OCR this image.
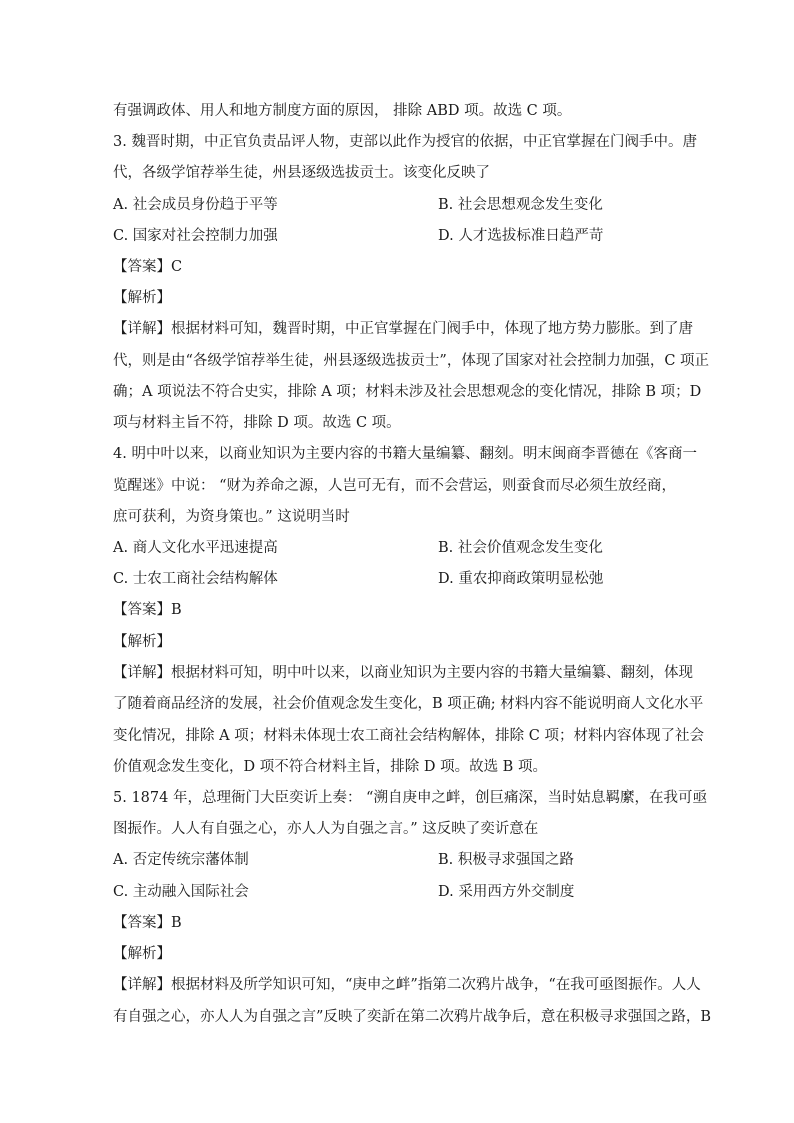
有强调政体、用人和地方制度方面的原因， 排除 ABD 项。故选 C 项。
3. 魏晋时期，中正官负责品评人物，吏部以此作为授官的依据，中正官掌握在门阀手中。唐
代，各级学馆荐举生徒，州县逐级选拔贡士。该变化反映了
A. 社会成员身份趋于平等	B. 社会思想观念发生变化
C. 国家对社会控制力加强	D. 人才选拔标准日趋严苛
【答案】C
【解析】
【详解】根据材料可知，魏晋时期，中正官掌握在门阀手中，体现了地方势力膨胀。到了唐
代，则是由“各级学馆荐举生徒，州县逐级选拔贡士”，体现了国家对社会控制力加强，C 项正
确；A 项说法不符合史实，排除 A 项；材料未涉及社会思想观念的变化情况，排除 B 项；D
项与材料主旨不符，排除 D 项。故选 C 项。
4. 明中叶以来，以商业知识为主要内容的书籍大量编纂、翻刻。明末闽商李晋德在《客商一
览醒迷》中说： “财为养命之源，人岂可无有，而不会营运，则蚕食而尽必须生放经商，
庶可获利，为资身策也。” 这说明当时
A. 商人文化水平迅速提高	B. 社会价值观念发生变化
C. 士农工商社会结构解体	D. 重农抑商政策明显松弛
【答案】B
【解析】
【详解】根据材料可知，明中叶以来，以商业知识为主要内容的书籍大量编纂、翻刻，体现
了随着商品经济的发展，社会价值观念发生变化，B 项正确; 材料内容不能说明商人文化水平
变化情况，排除 A 项；材料未体现士农工商社会结构解体，排除 C 项；材料内容体现了社会
价值观念发生变化，D 项不符合材料主旨，排除 D 项。故选 B 项。
5. 1874 年，总理衙门大臣奕䜣上奏： “溯自庚申之衅，创巨痛深，当时姑息羁縻，在我可亟
图振作。人人有自强之心，亦人人为自强之言。” 这反映了奕䜣意在
A. 否定传统宗藩体制	B. 积极寻求强国之路
C. 主动融入国际社会	D. 采用西方外交制度
【答案】B
【解析】
【详解】根据材料及所学知识可知，“庚申之衅”指第二次鸦片战争，“在我可亟图振作。人人
有自强之心，亦人人为自强之言”反映了奕訢在第二次鸦片战争后，意在积极寻求强国之路，B
